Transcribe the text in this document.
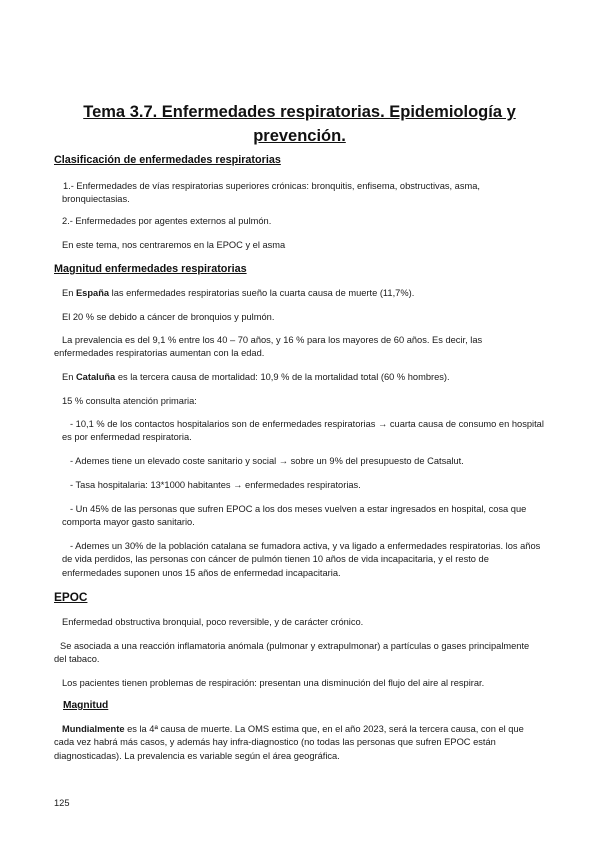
Tema 3.7. Enfermedades respiratorias. Epidemiología y prevención.
Clasificación de enfermedades respiratorias
1.- Enfermedades de vías respiratorias superiores crónicas: bronquitis, enfisema, obstructivas, asma, bronquiectasias.
2.- Enfermedades por agentes externos al pulmón.
En este tema, nos centraremos en la EPOC y el asma
Magnitud enfermedades respiratorias
En España las enfermedades respiratorias sueño la cuarta causa de muerte (11,7%).
El 20 % se debido a cáncer de bronquios y pulmón.
La prevalencia es del 9,1 % entre los 40 – 70 años, y 16 % para los mayores de 60 años. Es decir, las enfermedades respiratorias aumentan con la edad.
En Cataluña es la tercera causa de mortalidad: 10,9 % de la mortalidad total (60 % hombres).
15 % consulta atención primaria:
- 10,1 % de los contactos hospitalarios son de enfermedades respiratorias → cuarta causa de consumo en hospital es por enfermedad respiratoria.
- Ademes tiene un elevado coste sanitario y social → sobre un 9% del presupuesto de Catsalut.
- Tasa hospitalaria: 13*1000 habitantes → enfermedades respiratorias.
- Un 45% de las personas que sufren EPOC a los dos meses vuelven a estar ingresados en hospital, cosa que comporta mayor gasto sanitario.
- Ademes un 30% de la población catalana se fumadora activa, y va ligado a enfermedades respiratorias. los años de vida perdidos, las personas con cáncer de pulmón tienen 10 años de vida incapacitaria, y el resto de enfermedades suponen unos 15 años de enfermedad incapacitaria.
EPOC
Enfermedad obstructiva bronquial, poco reversible, y de carácter crónico.
Se asociada a una reacción inflamatoria anómala (pulmonar y extrapulmonar) a partículas o gases principalmente del tabaco.
Los pacientes tienen problemas de respiración: presentan una disminución del flujo del aire al respirar.
Magnitud
Mundialmente es la 4ª causa de muerte. La OMS estima que, en el año 2023, será la tercera causa, con el que cada vez habrá más casos, y además hay infra-diagnostico (no todas las personas que sufren EPOC están diagnosticadas). La prevalencia es variable según el área geográfica.
125
